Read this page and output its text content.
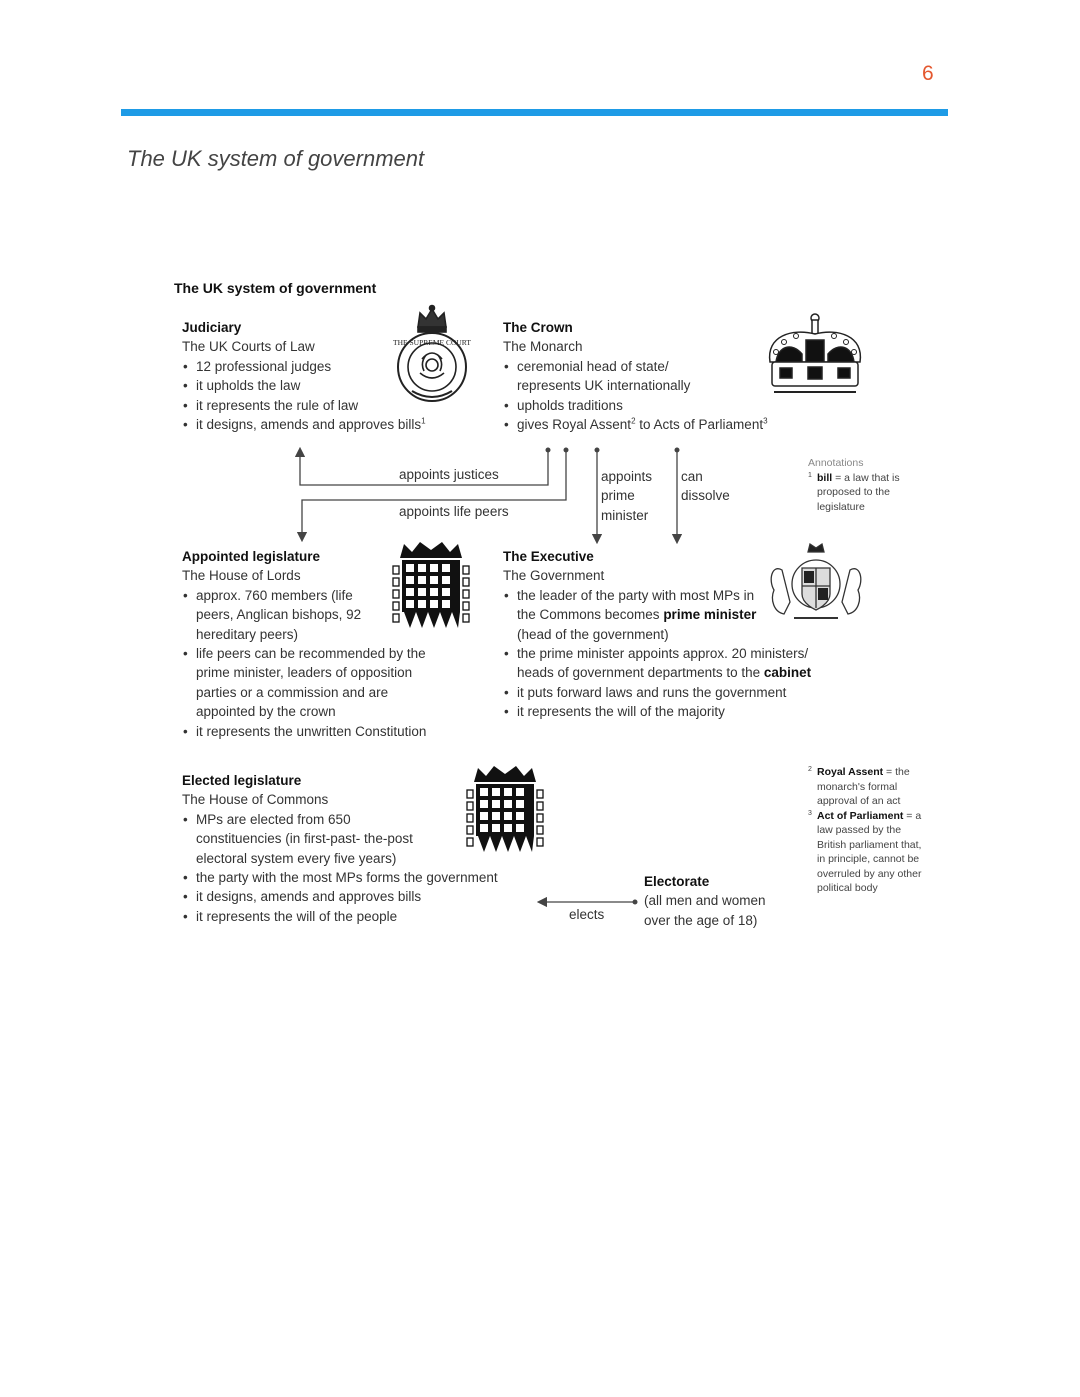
6
The UK system of government
The UK system of government
Judiciary
The UK Courts of Law
• 12 professional judges
• it upholds the law
• it represents the rule of law
• it designs, amends and approves bills$^1$
THE SUPREME COURT
The Crown
The Monarch
• ceremonial head of state/ represents UK internationally
• upholds traditions
• gives Royal Assent$^2$ to Acts of Parliament$^3$
appoints justices
appoints life peers
appoints prime minister
can dissolve
elects
Annotations
1 bill = a law that is proposed to the legislature
Appointed legislature
The House of Lords
• approx. 760 members (life peers, Anglican bishops, 92 hereditary peers)
• life peers can be recommended by the prime minister, leaders of opposition parties or a commission and are appointed by the crown
• it represents the unwritten Constitution
The Executive
The Government
• the leader of the party with most MPs in the Commons becomes prime minister (head of the government)
• the prime minister appoints approx. 20 ministers/ heads of government departments to the cabinet
• it puts forward laws and runs the government
• it represents the will of the majority
Elected legislature
The House of Commons
• MPs are elected from 650 constituencies (in first-past- the-post electoral system every five years)
• the party with the most MPs forms the government
• it designs, amends and approves bills
• it represents the will of the people
Electorate
(all men and women over the age of 18)
2 Royal Assent = the monarch's formal approval of an act
3 Act of Parliament = a law passed by the British parliament that, in principle, cannot be overruled by any other political body
